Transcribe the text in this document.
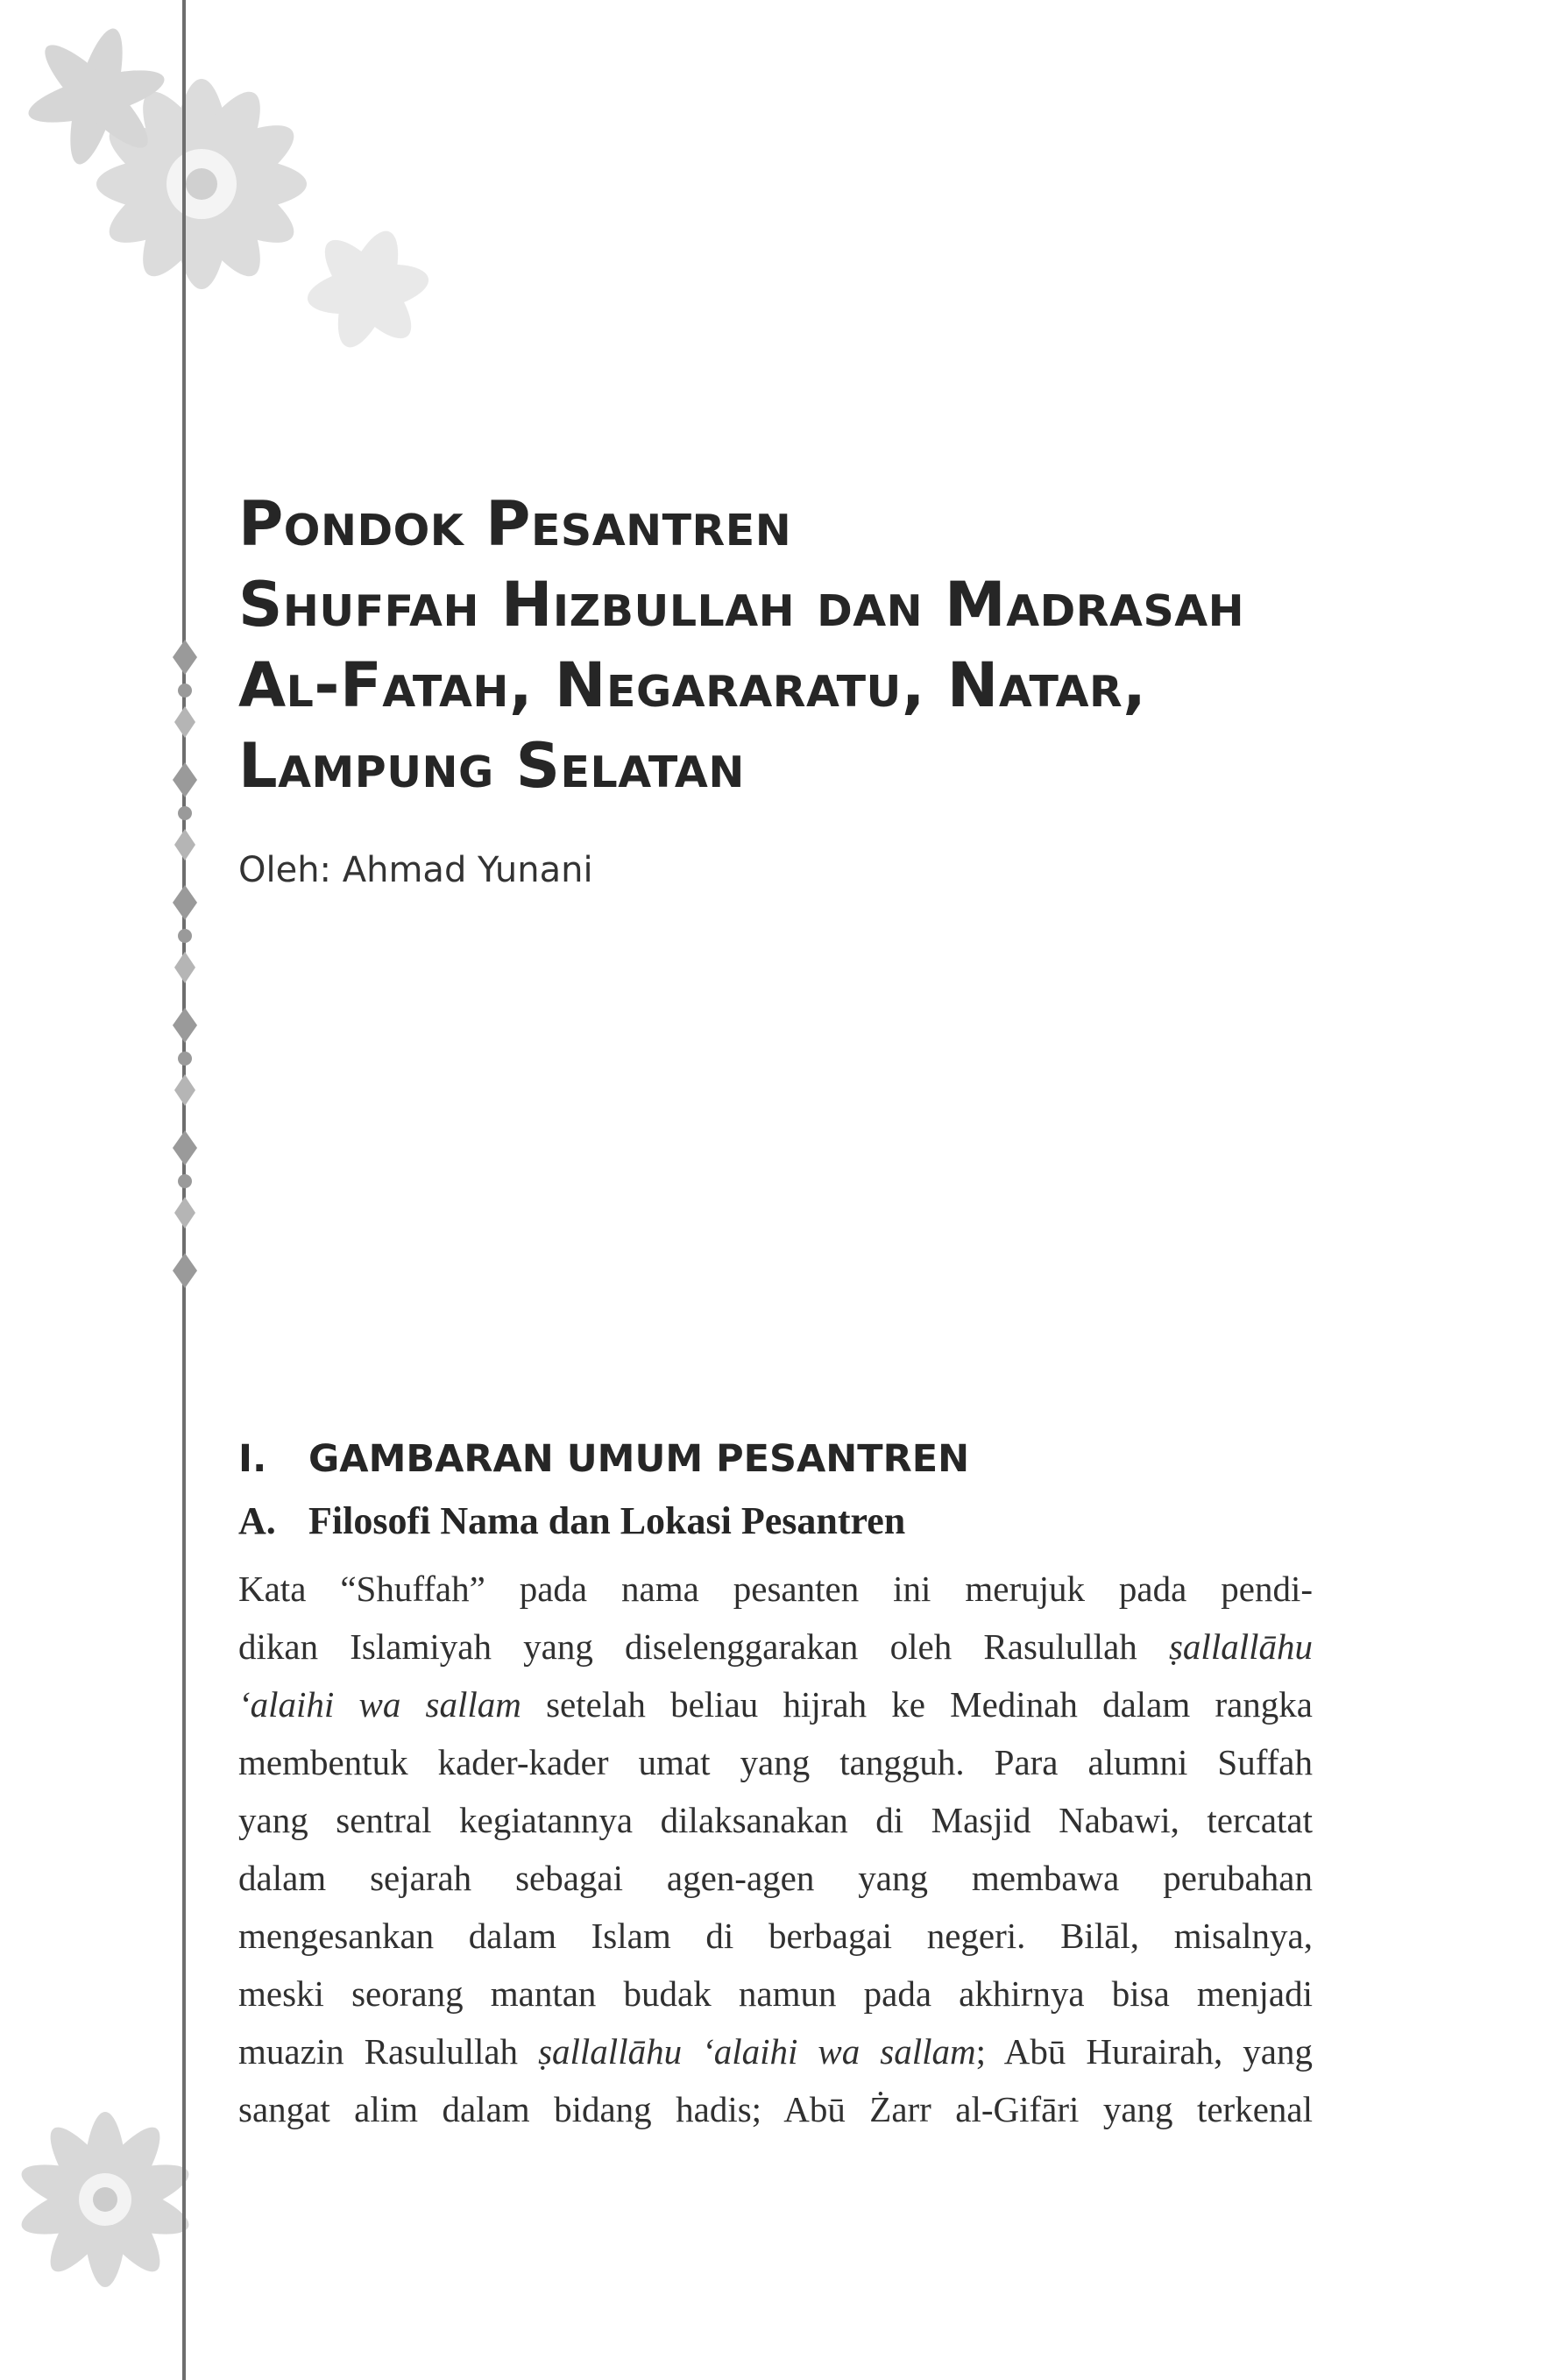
Pondok Pesantren
Shuffah Hizbullah dan Madrasah
Al-Fatah, Negararatu, Natar,
Lampung Selatan
Oleh: Ahmad Yunani
I. GAMBARAN UMUM PESANTREN
A. Filosofi Nama dan Lokasi Pesantren
Kata “Shuffah” pada nama pesanten ini merujuk pada pendi-
dikan Islamiyah yang diselenggarakan oleh Rasulullah ṣallallāhu
‘alaihi wa sallam setelah beliau hijrah ke Medinah dalam rangka
membentuk kader-kader umat yang tangguh. Para alumni Suffah
yang sentral kegiatannya dilaksanakan di Masjid Nabawi, tercatat
dalam sejarah sebagai agen-agen yang membawa perubahan
mengesankan dalam Islam di berbagai negeri. Bilāl, misalnya,
meski seorang mantan budak namun pada akhirnya bisa menjadi
muazin Rasulullah ṣallallāhu ‘alaihi wa sallam; Abū Hurairah, yang
sangat alim dalam bidang hadis; Abū Żarr al-Gifāri yang terkenal
